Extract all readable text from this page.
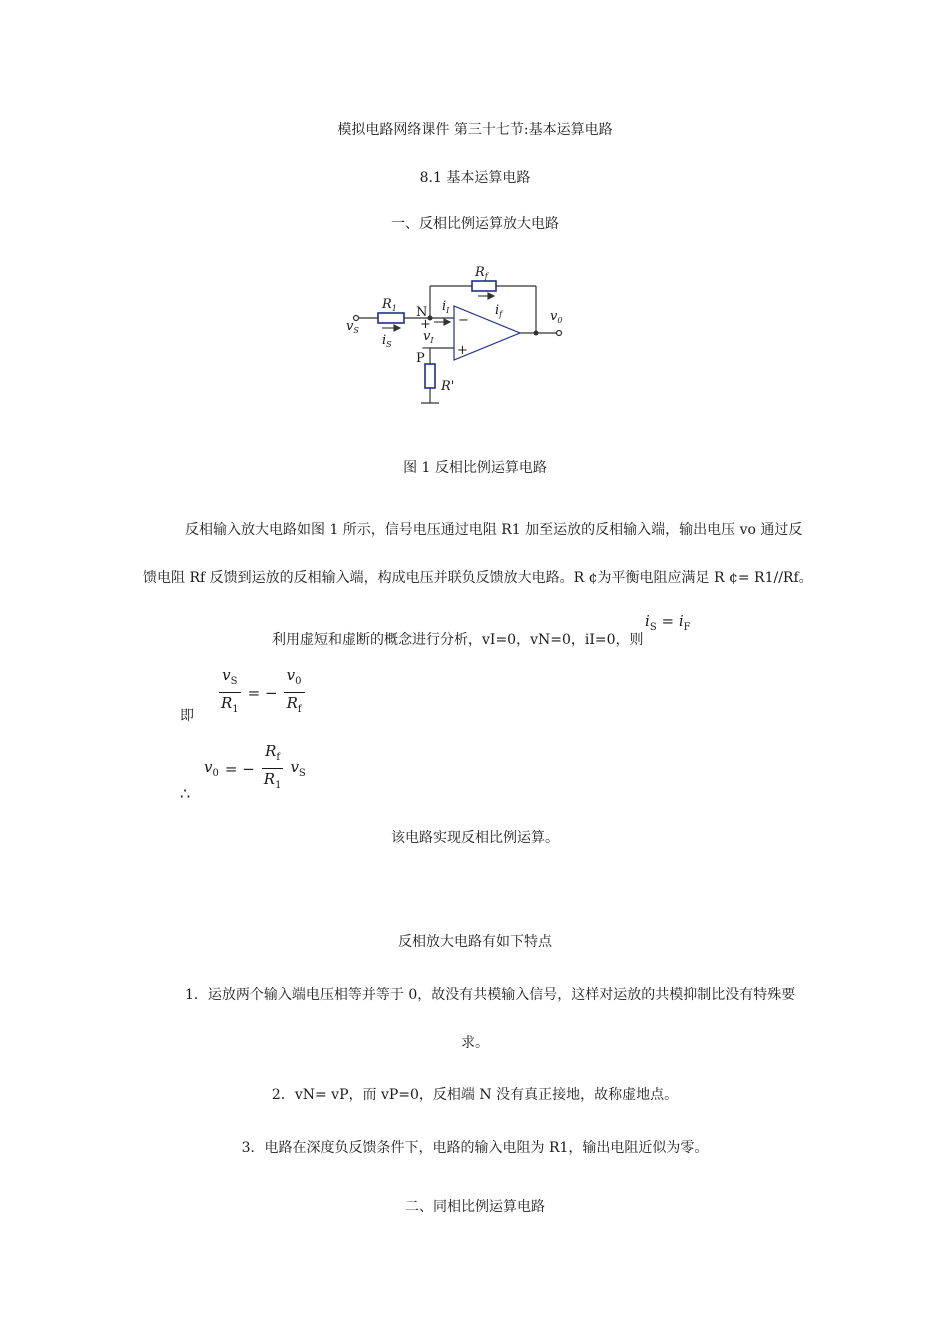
模拟电路网络课件 第三十七节:基本运算电路
8.1 基本运算电路
一、反相比例运算放大电路
$R_f$
$R_1$
$v_S$
$i_S$
$i_I$	$i_f$	$v_0$
$v_I$
R'
N
P
+
−
−
+
图 1 反相比例运算电路
反相输入放大电路如图 1 所示，信号电压通过电阻 R1 加至运放的反相输入端，输出电压 vo 通过反
馈电阻 Rf 反馈到运放的反相输入端，构成电压并联负反馈放大电路。R ¢为平衡电阻应满足 R ¢= R1//Rf。
利用虚短和虚断的概念进行分析，vI=0，vN=0，iI=0，则
$i_S = i_F$
$\frac{v_S}{R_1}$ = − $\frac{v_0}{R_f}$
即
$v_0$ = − $\frac{R_f}{R_1} v_S$
∴
该电路实现反相比例运算。
反相放大电路有如下特点
1．运放两个输入端电压相等并等于 0，故没有共模输入信号，这样对运放的共模抑制比没有特殊要
求。
2．vN= vP，而 vP=0，反相端 N 没有真正接地，故称虚地点。
3．电路在深度负反馈条件下，电路的输入电阻为 R1，输出电阻近似为零。
二、同相比例运算电路
